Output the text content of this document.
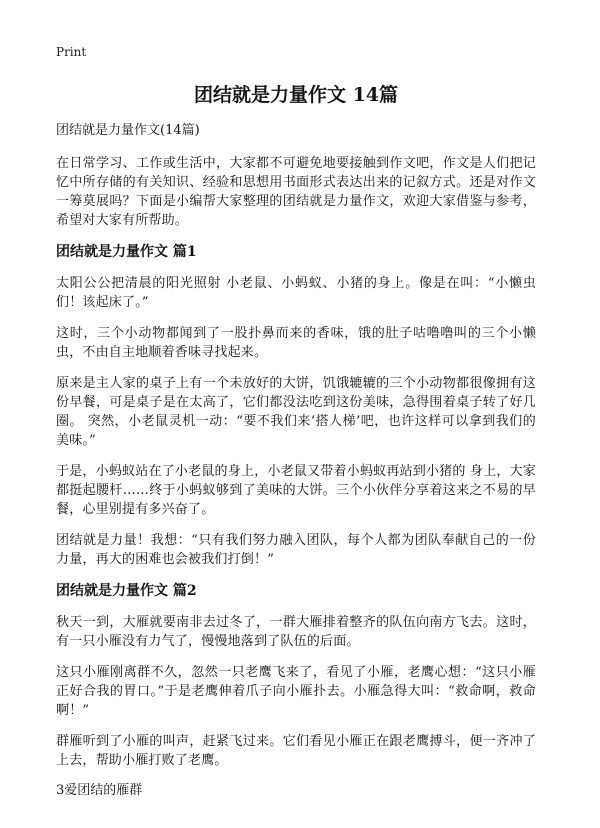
Print
团结就是力量作文 14篇
团结就是力量作文(14篇)

在日常学习、工作或生活中，大家都不可避免地要接触到作文吧，作文是人们把记忆中所存储的有关知识、经验和思想用书面形式表达出来的记叙方式。还是对作文一筹莫展吗？下面是小编帮大家整理的团结就是力量作文，欢迎大家借鉴与参考，希望对大家有所帮助。

团结就是力量作文 篇1

太阳公公把清晨的阳光照射 小老鼠、小蚂蚁、小猪的身上。像是在叫：“小懒虫们！该起床了。”

这时，三个小动物都闻到了一股扑鼻而来的香味，饿的肚子咕噜噜叫的三个小懒虫，不由自主地顺着香味寻找起来。

原来是主人家的桌子上有一个未放好的大饼，饥饿辘辘的三个小动物都很像拥有这份早餐，可是桌子是在太高了，它们都没法吃到这份美味，急得围着桌子转了好几圈。 突然，小老鼠灵机一动：“要不我们来‘搭人梯’吧，也许这样可以拿到我们的美味。”

于是，小蚂蚁站在了小老鼠的身上，小老鼠又带着小蚂蚁再站到小猪的 身上，大家都挺起腰杆……终于小蚂蚁够到了美味的大饼。三个小伙伴分享着这来之不易的早餐，心里别提有多兴奋了。

团结就是力量！我想：“只有我们努力融入团队，每个人都为团队奉献自己的一份力量，再大的困难也会被我们打倒！”

团结就是力量作文 篇2

秋天一到，大雁就要南非去过冬了，一群大雁排着整齐的队伍向南方飞去。这时，有一只小雁没有力气了，慢慢地落到了队伍的后面。

这只小雁刚离群不久，忽然一只老鹰飞来了，看见了小雁，老鹰心想：“这只小雁正好合我的胃口。”于是老鹰伸着爪子向小雁扑去。小雁急得大叫：“救命啊，救命啊！”

群雁听到了小雁的叫声，赶紧飞过来。它们看见小雁正在跟老鹰搏斗，便一齐冲了上去，帮助小雁打败了老鹰。

3爱团结的雁群
